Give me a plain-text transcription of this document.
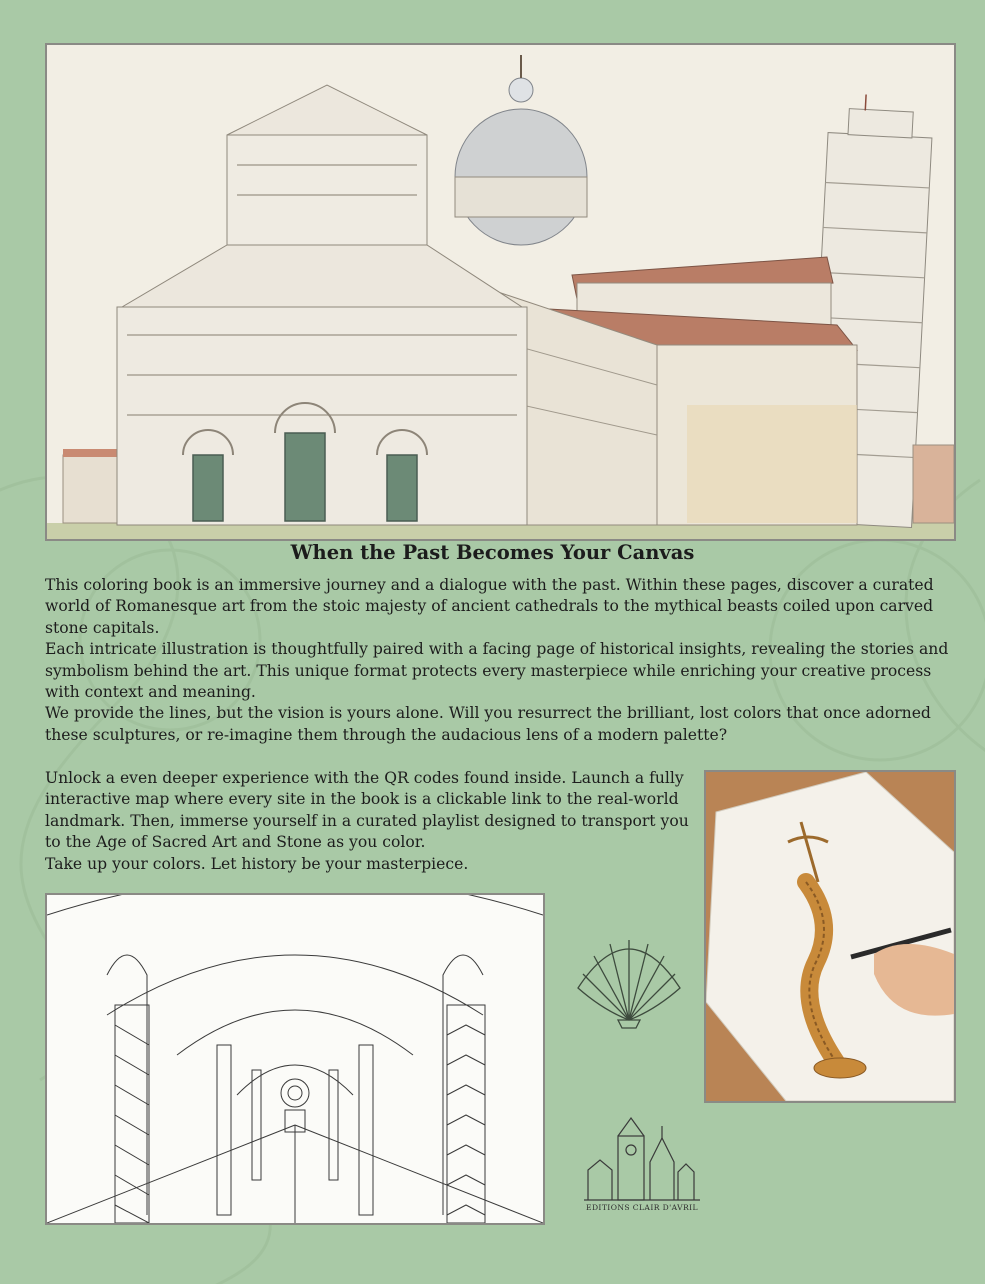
When the Past Becomes Your Canvas

This coloring book is an immersive journey and a dialogue with the past. Within these pages, discover a curated world of Romanesque art from the stoic majesty of ancient cathedrals to the mythical beasts coiled upon carved stone capitals.

Each intricate illustration is thoughtfully paired with a facing page of historical insights, revealing the stories and symbolism behind the art. This unique format protects every masterpiece while enriching your creative process with context and meaning.

We provide the lines, but the vision is yours alone. Will you resurrect the brilliant, lost colors that once adorned these sculptures, or re-imagine them through the audacious lens of a modern palette?

Unlock a even deeper experience with the QR codes found inside. Launch a fully interactive map where every site in the book is a clickable link to the real-world landmark. Then, immerse yourself in a curated playlist designed to transport you to the Age of Sacred Art and Stone as you color.

Take up your colors. Let history be your masterpiece.

EDITIONS CLAIR D'AVRIL
